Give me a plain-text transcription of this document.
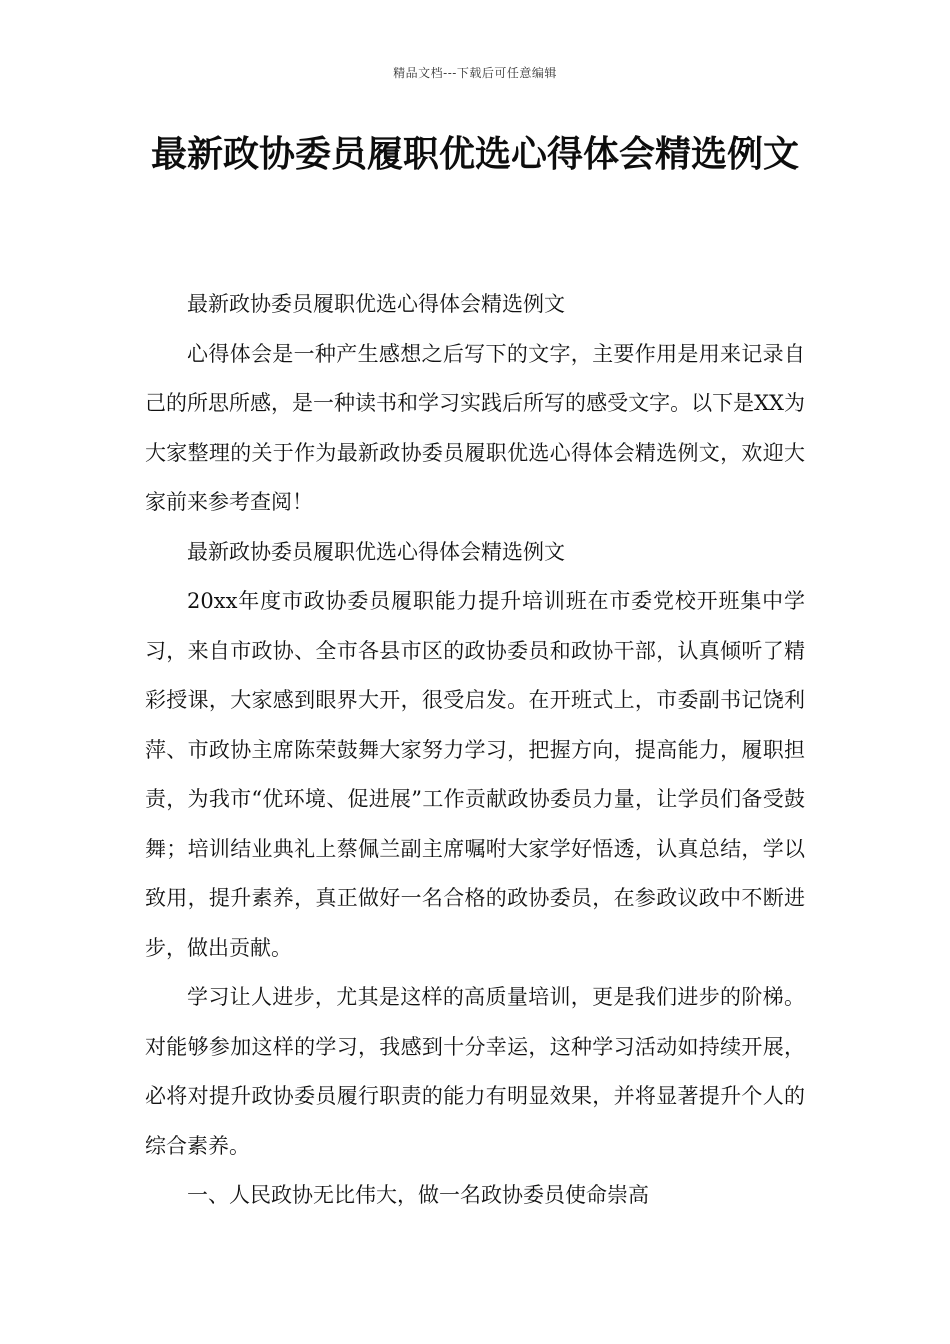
精品文档---下载后可任意编辑
最新政协委员履职优选心得体会精选例文

最新政协委员履职优选心得体会精选例文

心得体会是一种产生感想之后写下的文字，主要作用是用来记录自己的所思所感，是一种读书和学习实践后所写的感受文字。以下是XX为大家整理的关于作为最新政协委员履职优选心得体会精选例文，欢迎大家前来参考查阅！

最新政协委员履职优选心得体会精选例文

20xx年度市政协委员履职能力提升培训班在市委党校开班集中学习，来自市政协、全市各县市区的政协委员和政协干部，认真倾听了精彩授课，大家感到眼界大开，很受启发。在开班式上，市委副书记饶利萍、市政协主席陈荣鼓舞大家努力学习，把握方向，提高能力，履职担责，为我市“优环境、促进展”工作贡献政协委员力量，让学员们备受鼓舞；培训结业典礼上蔡佩兰副主席嘱咐大家学好悟透，认真总结，学以致用，提升素养，真正做好一名合格的政协委员，在参政议政中不断进步，做出贡献。

学习让人进步，尤其是这样的高质量培训，更是我们进步的阶梯。对能够参加这样的学习，我感到十分幸运，这种学习活动如持续开展，必将对提升政协委员履行职责的能力有明显效果，并将显著提升个人的综合素养。

一、人民政协无比伟大，做一名政协委员使命崇高
